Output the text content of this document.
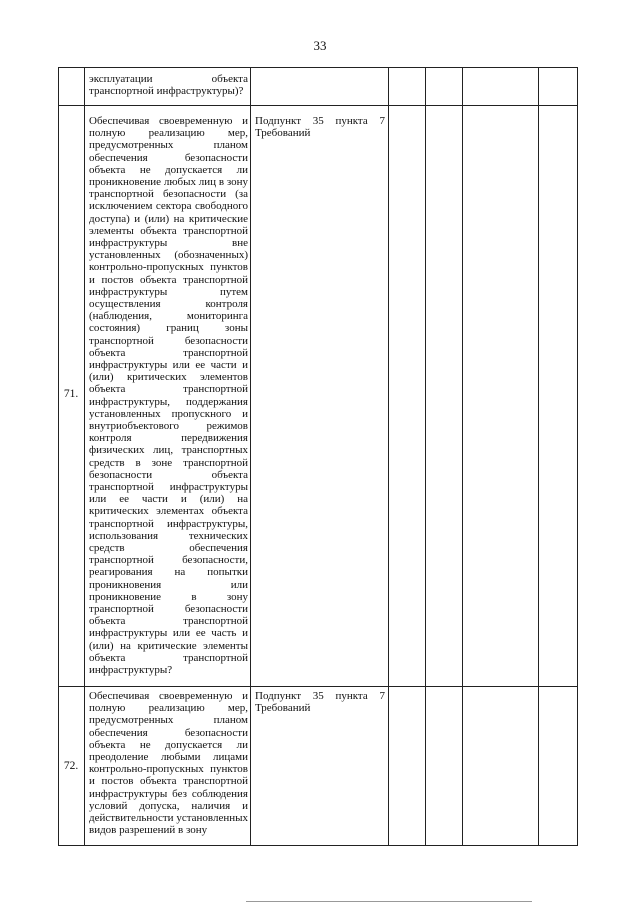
33
эксплуатации объекта
транспортной инфраструктуры)?
71.
Обеспечивая своевременную и
полную реализацию мер,
предусмотренных планом
обеспечения безопасности
объекта не допускается ли
проникновение любых лиц в зону
транспортной безопасности (за
исключением сектора свободного
доступа) и (или) на критические
элементы объекта транспортной
инфраструктуры вне
установленных (обозначенных)
контрольно-пропускных пунктов
и постов объекта транспортной
инфраструктуры путем
осуществления контроля
(наблюдения, мониторинга
состояния) границ зоны
транспортной безопасности
объекта транспортной
инфраструктуры или ее части и
(или) критических элементов
объекта транспортной
инфраструктуры, поддержания
установленных пропускного и
внутриобъектового режимов
контроля передвижения
физических лиц, транспортных
средств в зоне транспортной
безопасности объекта
транспортной инфраструктуры
или ее части и (или) на
критических элементах объекта
транспортной инфраструктуры,
использования технических
средств обеспечения
транспортной безопасности,
реагирования на попытки
проникновения или
проникновение в зону
транспортной безопасности
объекта транспортной
инфраструктуры или ее часть и
(или) на критические элементы
объекта транспортной
инфраструктуры?
Подпункт 35 пункта 7
Требований
72.
Обеспечивая своевременную и
полную реализацию мер,
предусмотренных планом
обеспечения безопасности
объекта не допускается ли
преодоление любыми лицами
контрольно-пропускных пунктов
и постов объекта транспортной
инфраструктуры без соблюдения
условий допуска, наличия и
действительности установленных
видов разрешений в зону
Подпункт 35 пункта 7
Требований
